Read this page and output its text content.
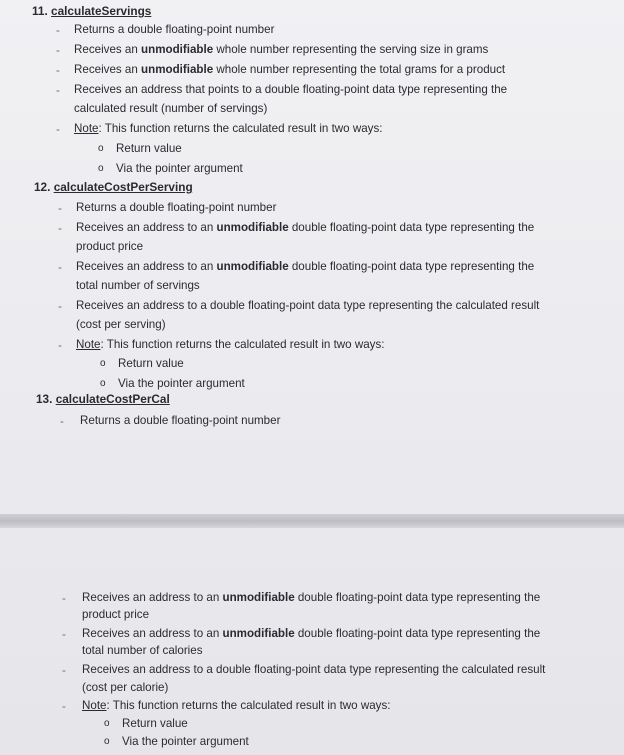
11. calculateServings
- Returns a double floating-point number
- Receives an unmodifiable whole number representing the serving size in grams
- Receives an unmodifiable whole number representing the total grams for a product
- Receives an address that points to a double floating-point data type representing the
calculated result (number of servings)
- Note: This function returns the calculated result in two ways:
o Return value
o Via the pointer argument
12. calculateCostPerServing
- Returns a double floating-point number
- Receives an address to an unmodifiable double floating-point data type representing the
product price
- Receives an address to an unmodifiable double floating-point data type representing the
total number of servings
- Receives an address to a double floating-point data type representing the calculated result
(cost per serving)
- Note: This function returns the calculated result in two ways:
o Return value
o Via the pointer argument
13. calculateCostPerCal
- Returns a double floating-point number
- Receives an address to an unmodifiable double floating-point data type representing the
product price
- Receives an address to an unmodifiable double floating-point data type representing the
total number of calories
- Receives an address to a double floating-point data type representing the calculated result
(cost per calorie)
- Note: This function returns the calculated result in two ways:
o Return value
o Via the pointer argument
